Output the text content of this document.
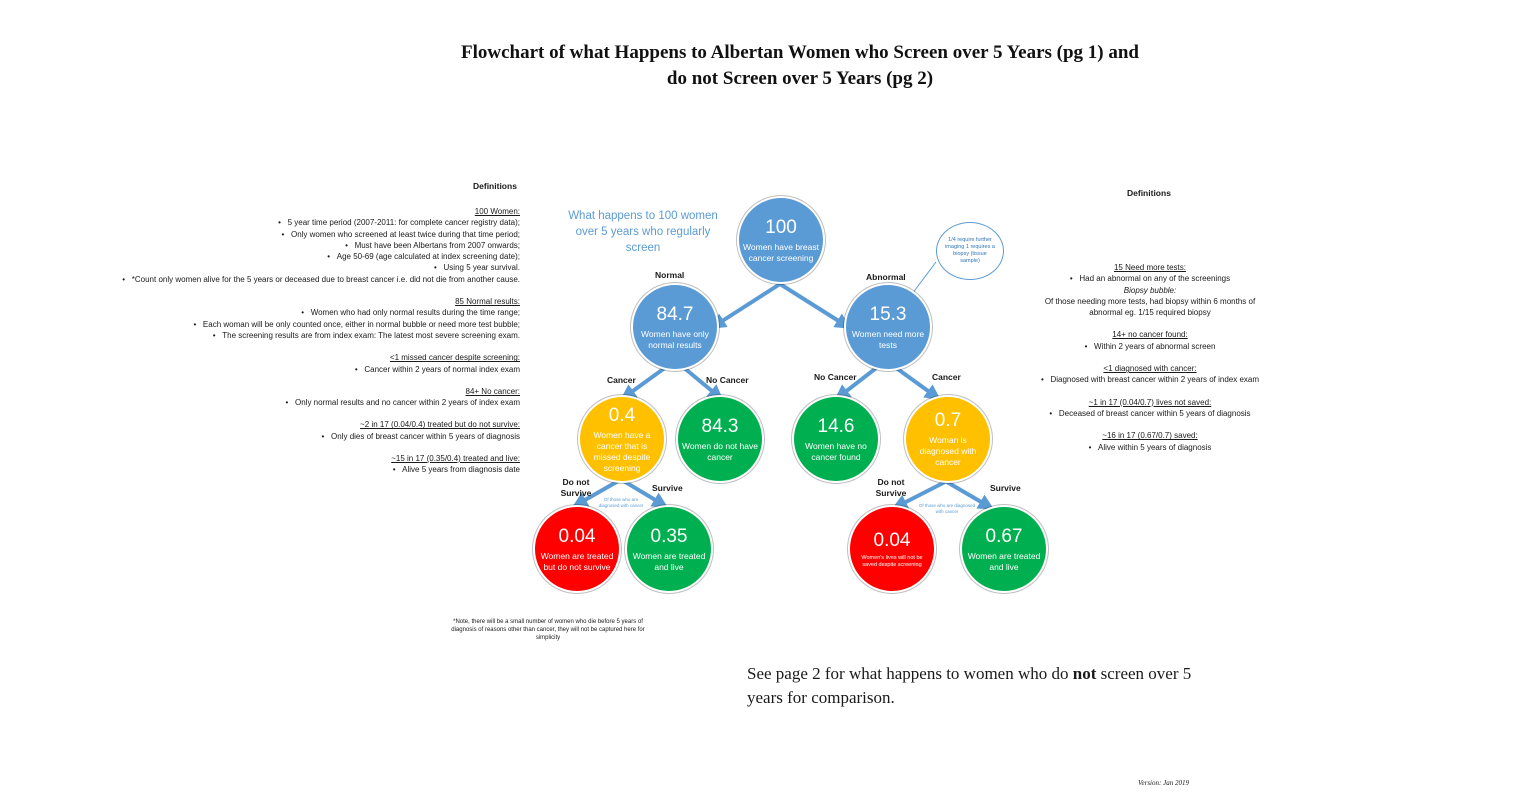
Flowchart of what Happens to Albertan Women who Screen over 5 Years (pg 1) and
do not Screen over 5 Years (pg 2)
Definitions
100 Women:
•   5 year time period (2007-2011: for complete cancer registry data);
•   Only women who screened at least twice during that time period;
•   Must have been Albertans from 2007 onwards;
•   Age 50-69 (age calculated at index screening date);
•   Using 5 year survival.
•   *Count only women alive for the 5 years or deceased due to breast cancer i.e. did not die from another cause.
85 Normal results:
•   Women who had only normal results during the time range;
•   Each woman will be only counted once, either in normal bubble or need more test bubble;
•   The screening results are from index exam: The latest most severe screening exam.
<1 missed cancer despite screening:
•   Cancer within 2 years of normal index exam
84+ No cancer:
•   Only normal results and no cancer within 2 years of index exam
~2 in 17 (0.04/0.4) treated but do not survive:
•   Only dies of breast cancer within 5 years of diagnosis
~15 in 17 (0.35/0.4) treated and live:
•   Alive 5 years from diagnosis date
Definitions
15 Need more tests:
•   Had an abnormal on any of the screenings
Biopsy bubble:
Of those needing more tests, had biopsy within 6 months of abnormal eg. 1/15 required biopsy
14+ no cancer found:
•   Within 2 years of abnormal screen
<1 diagnosed with cancer:
•   Diagnosed with breast cancer within 2 years of index exam
~1 in 17 (0.04/0.7) lives not saved:
•   Deceased of breast cancer within 5 years of diagnosis
~16 in 17 (0.67/0.7) saved:
•   Alive within 5 years of diagnosis
What happens to 100 women over 5 years who regularly screen
1/4 require further imaging 1 requires a biopsy (tissue sample)
100
Women have breast cancer screening
84.7
Women have only normal results
15.3
Women need more tests
0.4
Women have a cancer that is missed despite screening
84.3
Women do not have cancer
14.6
Women have no cancer found
0.7
Woman is diagnosed with cancer
0.04
Women are treated but do not survive
0.35
Women are treated and live
0.04
Women's lives will not be saved despite screening
0.67
Women are treated and live
Normal	Abnormal
Cancer	No Cancer	No Cancer	Cancer
Do not Survive	Survive
Do not Survive	Survive
Of those who are diagnosed with cancer	Of those who are diagnosed with cancer
*Note, there will be a small number of women who die before 5 years of diagnosis of reasons other than cancer, they will not be captured here for simplicity
See page 2 for what happens to women who do not screen over 5 years for comparison.
Version: Jan 2019
